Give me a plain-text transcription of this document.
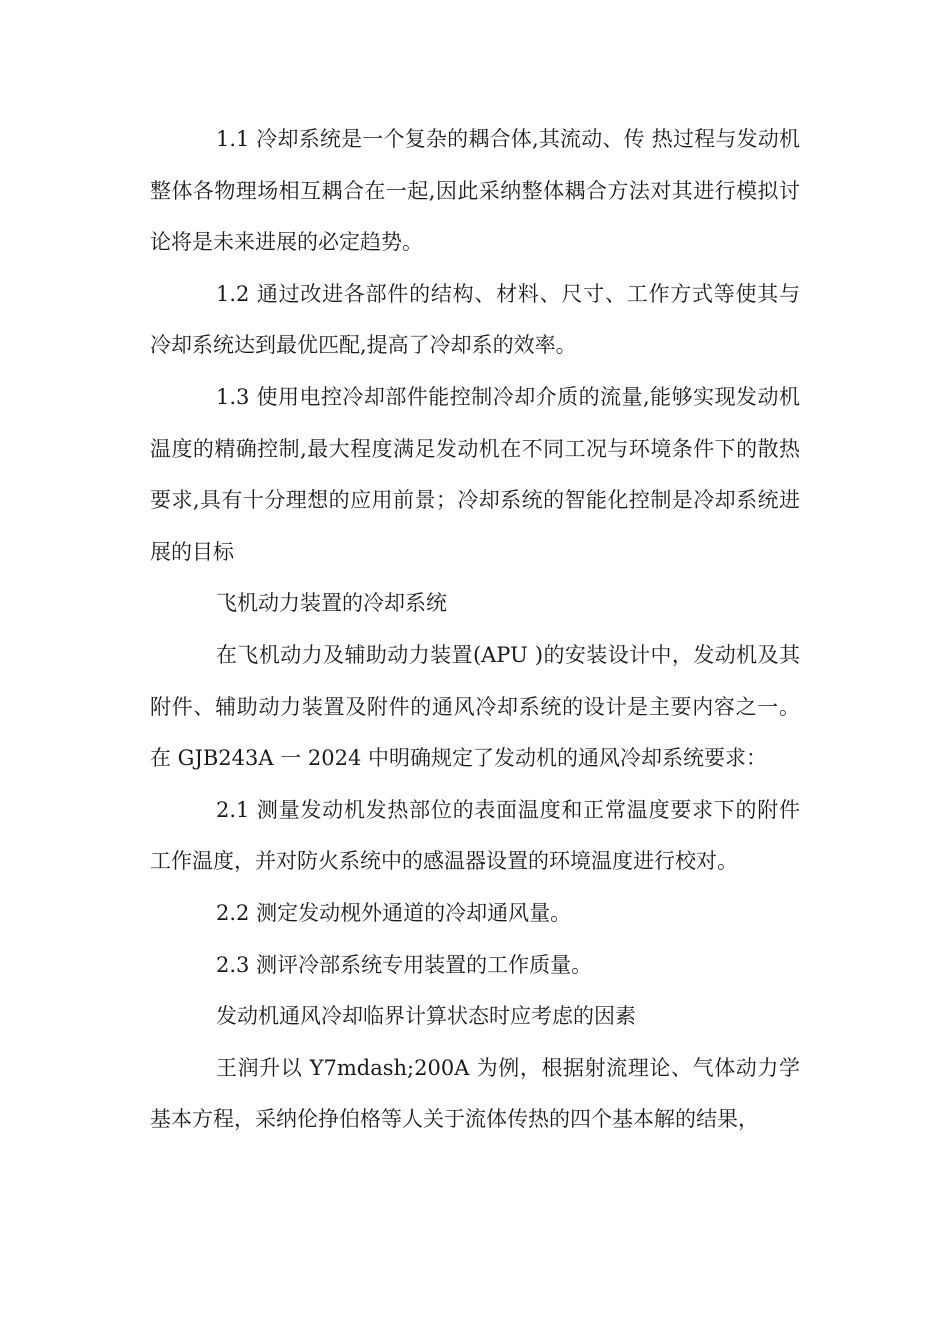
1.1 冷却系统是一个复杂的耦合体,其流动、传 热过程与发动机整体各物理场相互耦合在一起,因此采纳整体耦合方法对其进行模拟讨论将是未来进展的必定趋势。

1.2 通过改进各部件的结构、材料、尺寸、工作方式等使其与冷却系统达到最优匹配,提高了冷却系的效率。

1.3 使用电控冷却部件能控制冷却介质的流量,能够实现发动机温度的精确控制,最大程度满足发动机在不同工况与环境条件下的散热要求,具有十分理想的应用前景；冷却系统的智能化控制是冷却系统进展的目标

飞机动力装置的冷却系统

在飞机动力及辅助动力装置(APU )的安装设计中，发动机及其附件、辅助动力装置及附件的通风冷却系统的设计是主要内容之一。在 GJB243A 一 2024 中明确规定了发动机的通风冷却系统要求：

2.1 测量发动机发热部位的表面温度和正常温度要求下的附件工作温度，并对防火系统中的感温器设置的环境温度进行校对。

2.2 测定发动枧外通道的冷却通风量。

2.3 测评冷部系统专用装置的工作质量。

发动机通风冷却临界计算状态时应考虑的因素

王润升以 Y7mdash;200A 为例，根据射流理论、气体动力学基本方程，采纳伦挣伯格等人关于流体传热的四个基本解的结果，
